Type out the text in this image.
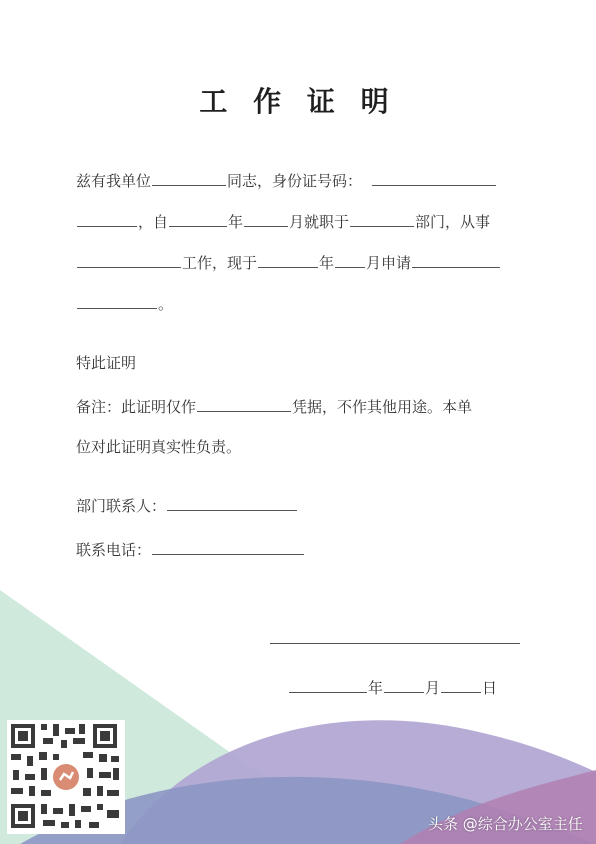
工 作 证 明
兹有我单位	同志，身份证号码：
，自	年	月就职于	部门，从事
工作，现于	年 月申请
。
特此证明
备注：此证明仅作	凭据，不作其他用途。本单
位对此证明真实性负责。
部门联系人：
联系电话：
年	月	日
头条 @综合办公室主任
